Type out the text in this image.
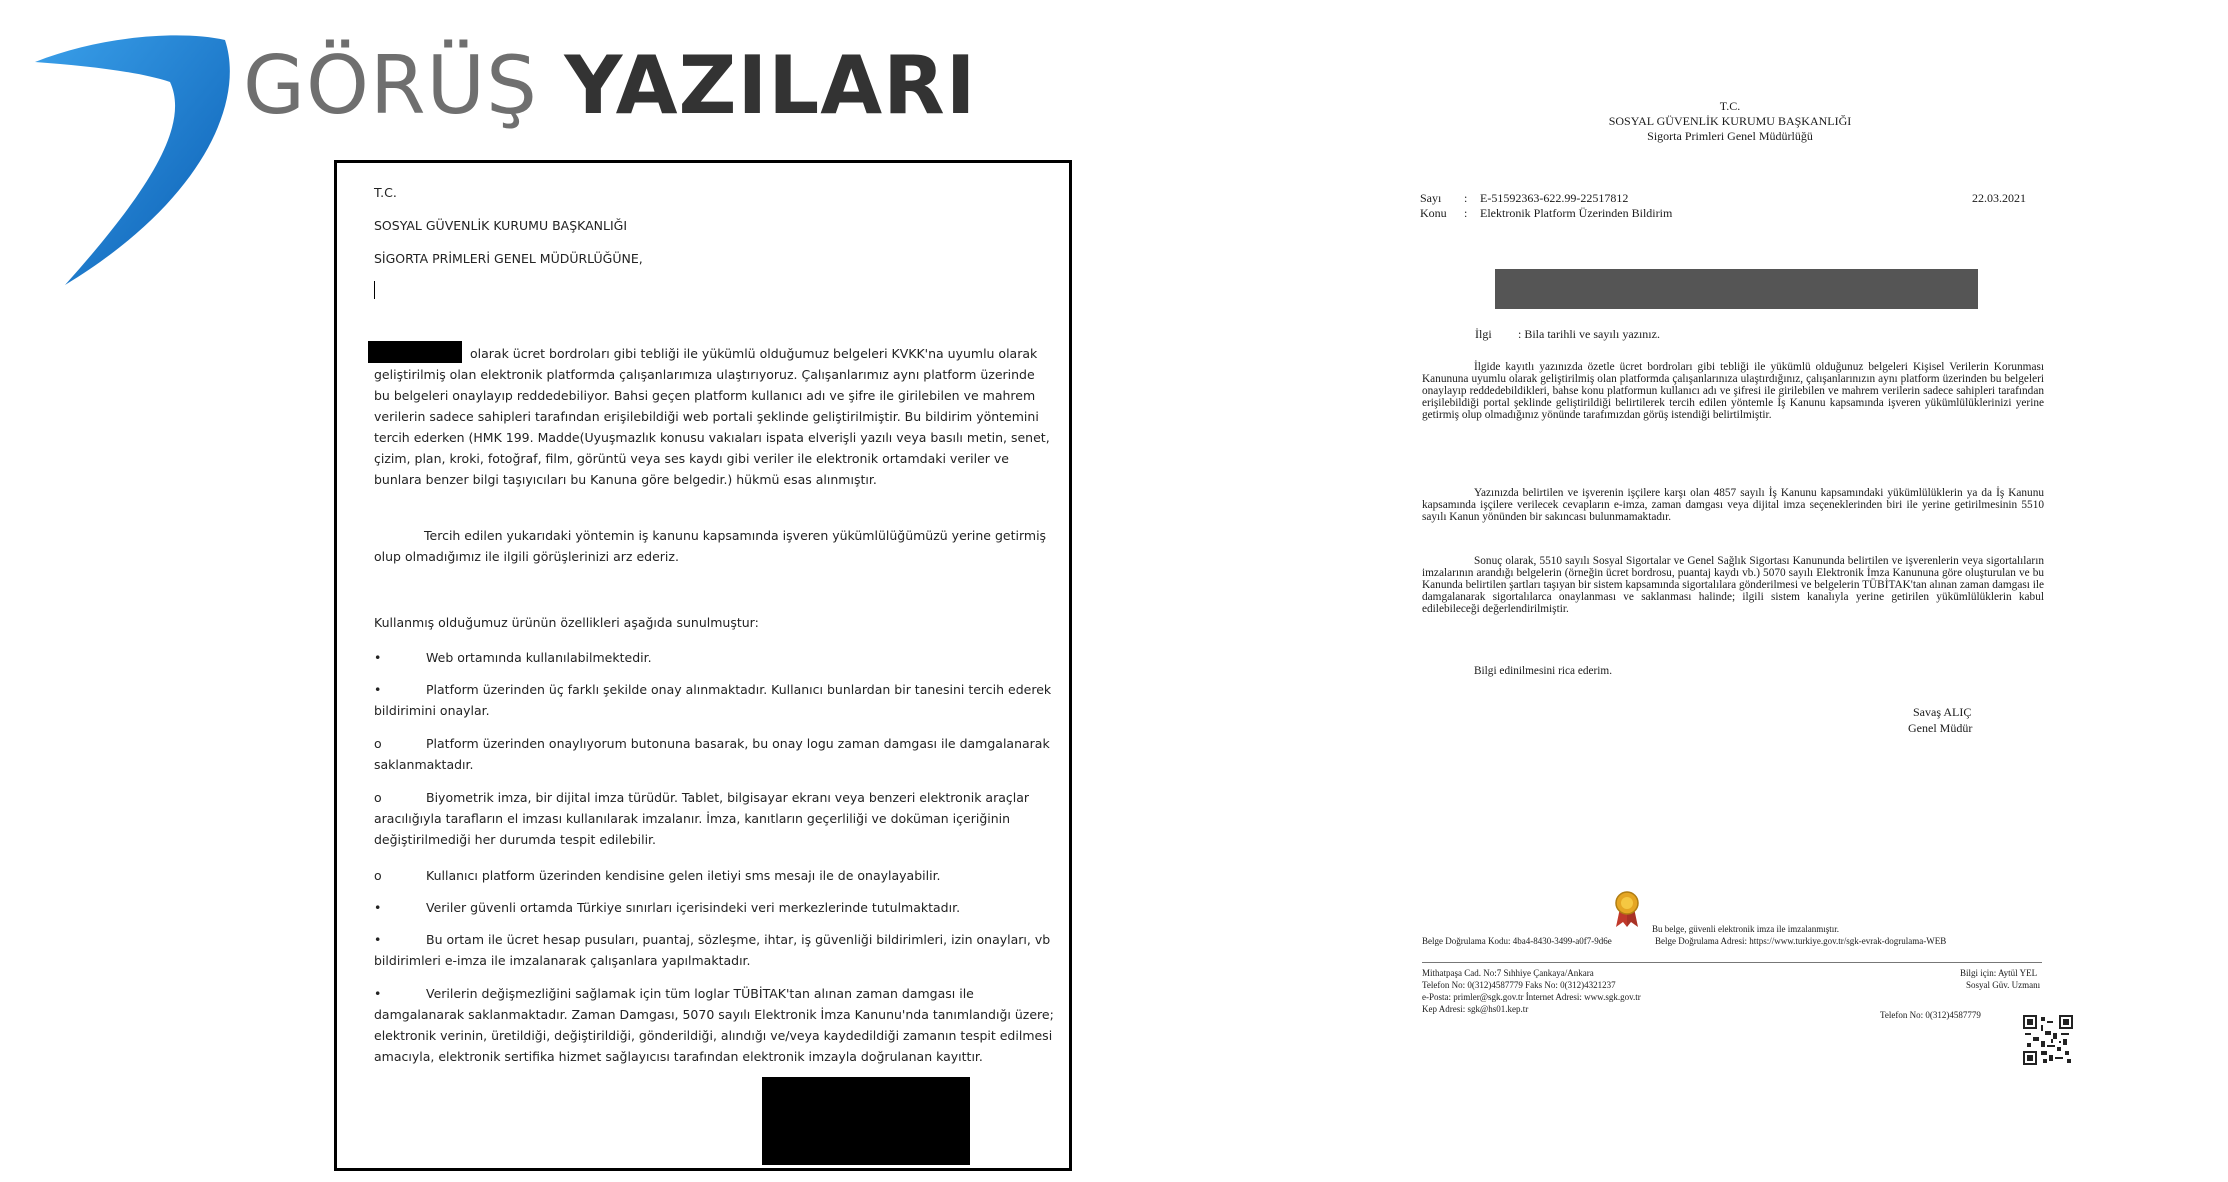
GÖRÜŞ YAZILARI
T.C.
SOSYAL GÜVENLİK KURUMU BAŞKANLIĞI
SİGORTA PRİMLERİ GENEL MÜDÜRLÜĞÜNE,
olarak ücret bordroları gibi tebliği ile yükümlü olduğumuz belgeleri KVKK'na uyumlu olarak geliştirilmiş olan elektronik platformda çalışanlarımıza ulaştırıyoruz. Çalışanlarımız aynı platform üzerinde bu belgeleri onaylayıp reddedebiliyor. Bahsi geçen platform kullanıcı adı ve şifre ile girilebilen ve mahrem verilerin sadece sahipleri tarafından erişilebildiği web portali şeklinde geliştirilmiştir. Bu bildirim yöntemini tercih ederken (HMK 199. Madde(Uyuşmazlık konusu vakıaları ispata elverişli yazılı veya basılı metin, senet, çizim, plan, kroki, fotoğraf, film, görüntü veya ses kaydı gibi veriler ile elektronik ortamdaki veriler ve bunlara benzer bilgi taşıyıcıları bu Kanuna göre belgedir.) hükmü esas alınmıştır.
Tercih edilen yukarıdaki yöntemin iş kanunu kapsamında işveren yükümlülüğümüzü yerine getirmiş olup olmadığımız ile ilgili görüşlerinizi arz ederiz.
Kullanmış olduğumuz ürünün özellikleri aşağıda sunulmuştur:
•	Web ortamında kullanılabilmektedir.
•	Platform üzerinden üç farklı şekilde onay alınmaktadır. Kullanıcı bunlardan bir tanesini tercih ederek bildirimini onaylar.
o	Platform üzerinden onaylıyorum butonuna basarak, bu onay logu zaman damgası ile damgalanarak saklanmaktadır.
o	Biyometrik imza, bir dijital imza türüdür. Tablet, bilgisayar ekranı veya benzeri elektronik araçlar aracılığıyla tarafların el imzası kullanılarak imzalanır. İmza, kanıtların geçerliliği ve doküman içeriğinin değiştirilmediği her durumda tespit edilebilir.
o	Kullanıcı platform üzerinden kendisine gelen iletiyi sms mesajı ile de onaylayabilir.
•	Veriler güvenli ortamda Türkiye sınırları içerisindeki veri merkezlerinde tutulmaktadır.
•	Bu ortam ile ücret hesap pusuları, puantaj, sözleşme, ihtar, iş güvenliği bildirimleri, izin onayları, vb bildirimleri e-imza ile imzalanarak çalışanlara yapılmaktadır.
•	Verilerin değişmezliğini sağlamak için tüm loglar TÜBİTAK'tan alınan zaman damgası ile damgalanarak saklanmaktadır. Zaman Damgası, 5070 sayılı Elektronik İmza Kanunu'nda tanımlandığı üzere; elektronik verinin, üretildiği, değiştirildiği, gönderildiği, alındığı ve/veya kaydedildiği zamanın tespit edilmesi amacıyla, elektronik sertifika hizmet sağlayıcısı tarafından elektronik imzayla doğrulanan kayıttır.
T.C.
SOSYAL GÜVENLİK KURUMU BAŞKANLIĞI
Sigorta Primleri Genel Müdürlüğü
Sayı : E-51592363-622.99-22517812	22.03.2021
Konu : Elektronik Platform Üzerinden Bildirim
İlgi : Bila tarihli ve sayılı yazınız.
İlgide kayıtlı yazınızda özetle ücret bordroları gibi tebliği ile yükümlü olduğunuz belgeleri Kişisel Verilerin Korunması Kanununa uyumlu olarak geliştirilmiş olan platformda çalışanlarınıza ulaştırdığınız, çalışanlarınızın aynı platform üzerinden bu belgeleri onaylayıp reddedebildikleri, bahse konu platformun kullanıcı adı ve şifresi ile girilebilen ve mahrem verilerin sadece sahipleri tarafından erişilebildiği portal şeklinde geliştirildiği belirtilerek tercih edilen yöntemle İş Kanunu kapsamında işveren yükümlülüklerinizi yerine getirmiş olup olmadığınız yönünde tarafımızdan görüş istendiği belirtilmiştir.
Yazınızda belirtilen ve işverenin işçilere karşı olan 4857 sayılı İş Kanunu kapsamındaki yükümlülüklerin ya da İş Kanunu kapsamında işçilere verilecek cevapların e-imza, zaman damgası veya dijital imza seçeneklerinden biri ile yerine getirilmesinin 5510 sayılı Kanun yönünden bir sakıncası bulunmamaktadır.
Sonuç olarak, 5510 sayılı Sosyal Sigortalar ve Genel Sağlık Sigortası Kanununda belirtilen ve işverenlerin veya sigortalıların imzalarının arandığı belgelerin (örneğin ücret bordrosu, puantaj kaydı vb.) 5070 sayılı Elektronik İmza Kanununa göre oluşturulan ve bu Kanunda belirtilen şartları taşıyan bir sistem kapsamında sigortalılara gönderilmesi ve belgelerin TÜBİTAK'tan alınan zaman damgası ile damgalanarak sigortalılarca onaylanması ve saklanması halinde; ilgili sistem kanalıyla yerine getirilen yükümlülüklerin kabul edilebileceği değerlendirilmiştir.
Bilgi edinilmesini rica ederim.
Savaş ALIÇ
Genel Müdür
Bu belge, güvenli elektronik imza ile imzalanmıştır.
Belge Doğrulama Kodu: 4ba4-8430-3499-a0f7-9d6e	Belge Doğrulama Adresi: https://www.turkiye.gov.tr/sgk-evrak-dogrulama-WEB
Mithatpaşa Cad. No:7 Sıhhiye Çankaya/Ankara
Telefon No: 0(312)4587779 Faks No: 0(312)4321237
e-Posta: primler@sgk.gov.tr İnternet Adresi: www.sgk.gov.tr
Kep Adresi: sgk@hs01.kep.tr
Bilgi için: Aytül YEL
Sosyal Güv. Uzmanı
Telefon No: 0(312)4587779
